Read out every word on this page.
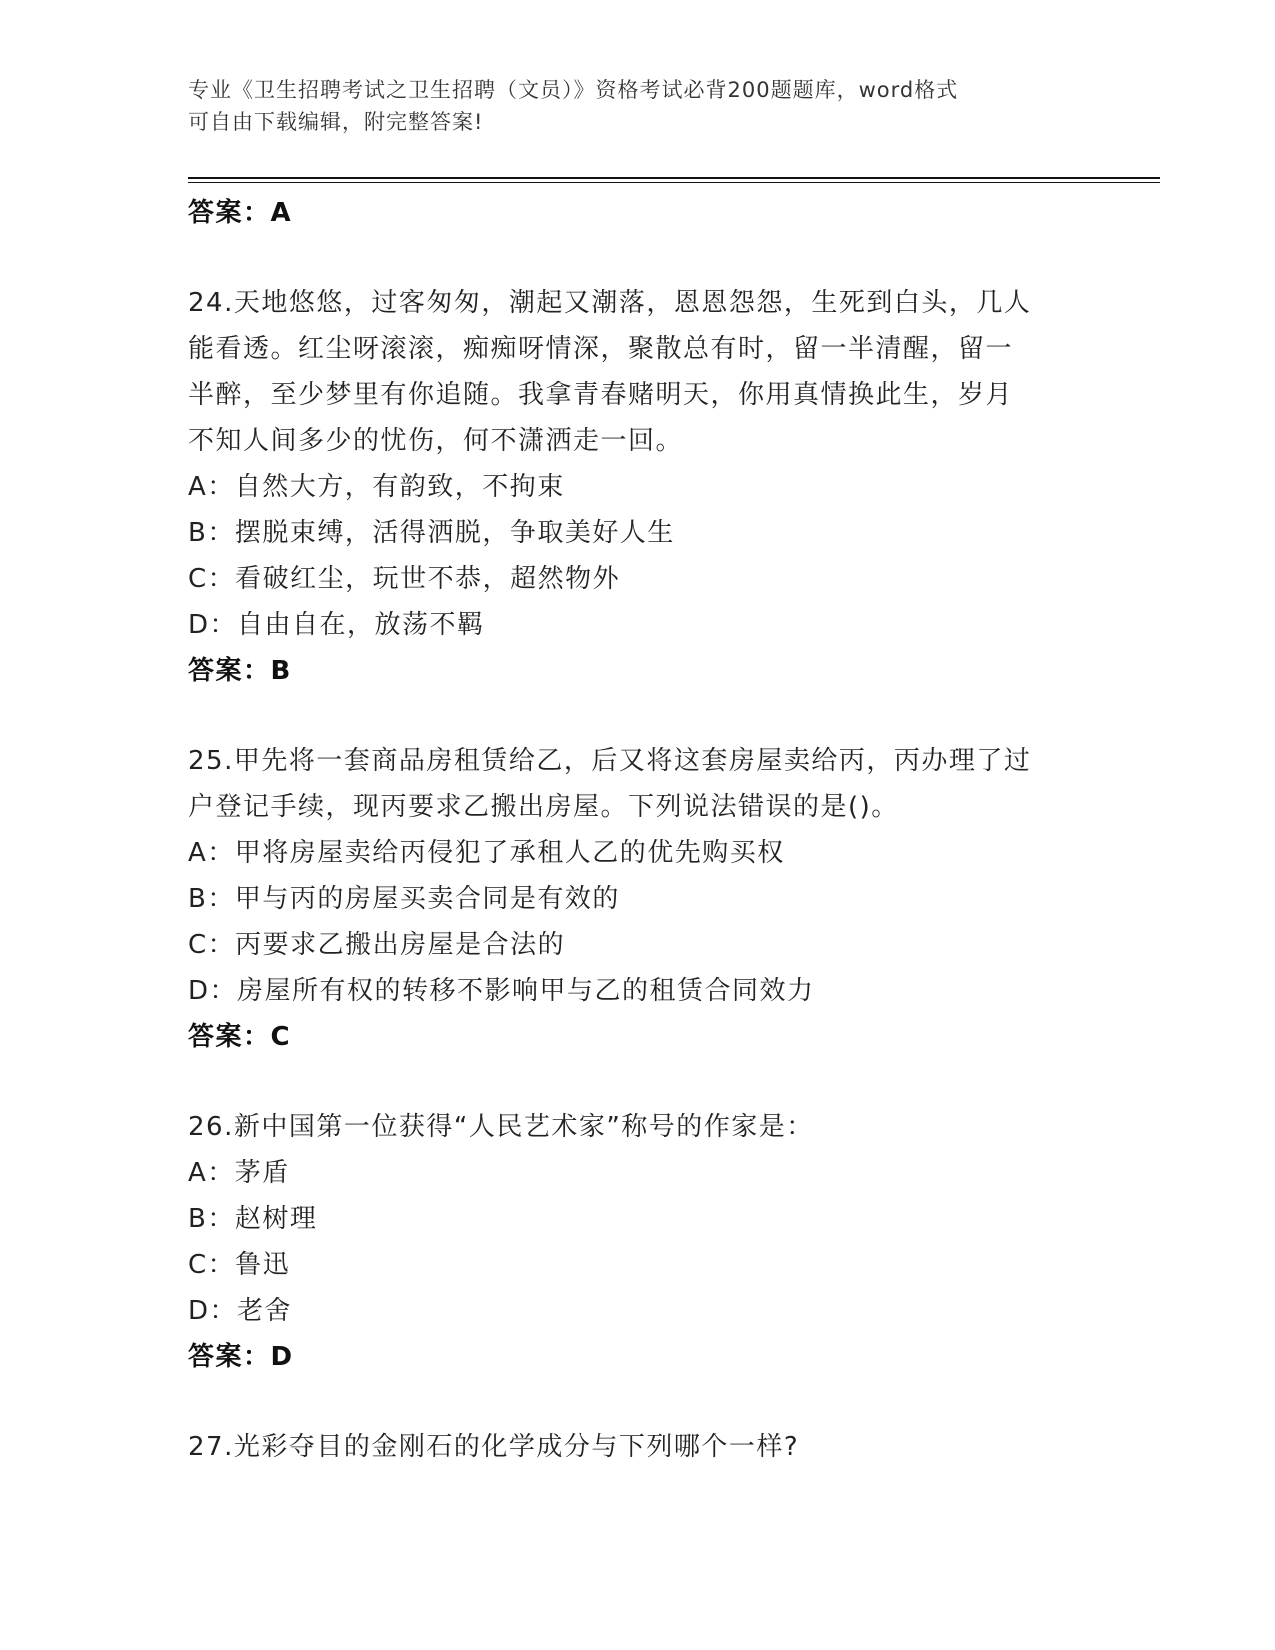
专业《卫生招聘考试之卫生招聘（文员）》资格考试必背200题题库，word格式
可自由下载编辑，附完整答案!
答案：A
24.天地悠悠，过客匆匆，潮起又潮落，恩恩怨怨，生死到白头，几人
能看透。红尘呀滚滚，痴痴呀情深，聚散总有时，留一半清醒，留一
半醉，至少梦里有你追随。我拿青春赌明天，你用真情换此生，岁月
不知人间多少的忧伤，何不潇洒走一回。
A：自然大方，有韵致，不拘束
B：摆脱束缚，活得洒脱，争取美好人生
C：看破红尘，玩世不恭，超然物外
D：自由自在，放荡不羁
答案：B
25.甲先将一套商品房租赁给乙，后又将这套房屋卖给丙，丙办理了过
户登记手续，现丙要求乙搬出房屋。下列说法错误的是()。
A：甲将房屋卖给丙侵犯了承租人乙的优先购买权
B：甲与丙的房屋买卖合同是有效的
C：丙要求乙搬出房屋是合法的
D：房屋所有权的转移不影响甲与乙的租赁合同效力
答案：C
26.新中国第一位获得“人民艺术家”称号的作家是：
A：茅盾
B：赵树理
C：鲁迅
D：老舍
答案：D
27.光彩夺目的金刚石的化学成分与下列哪个一样?
